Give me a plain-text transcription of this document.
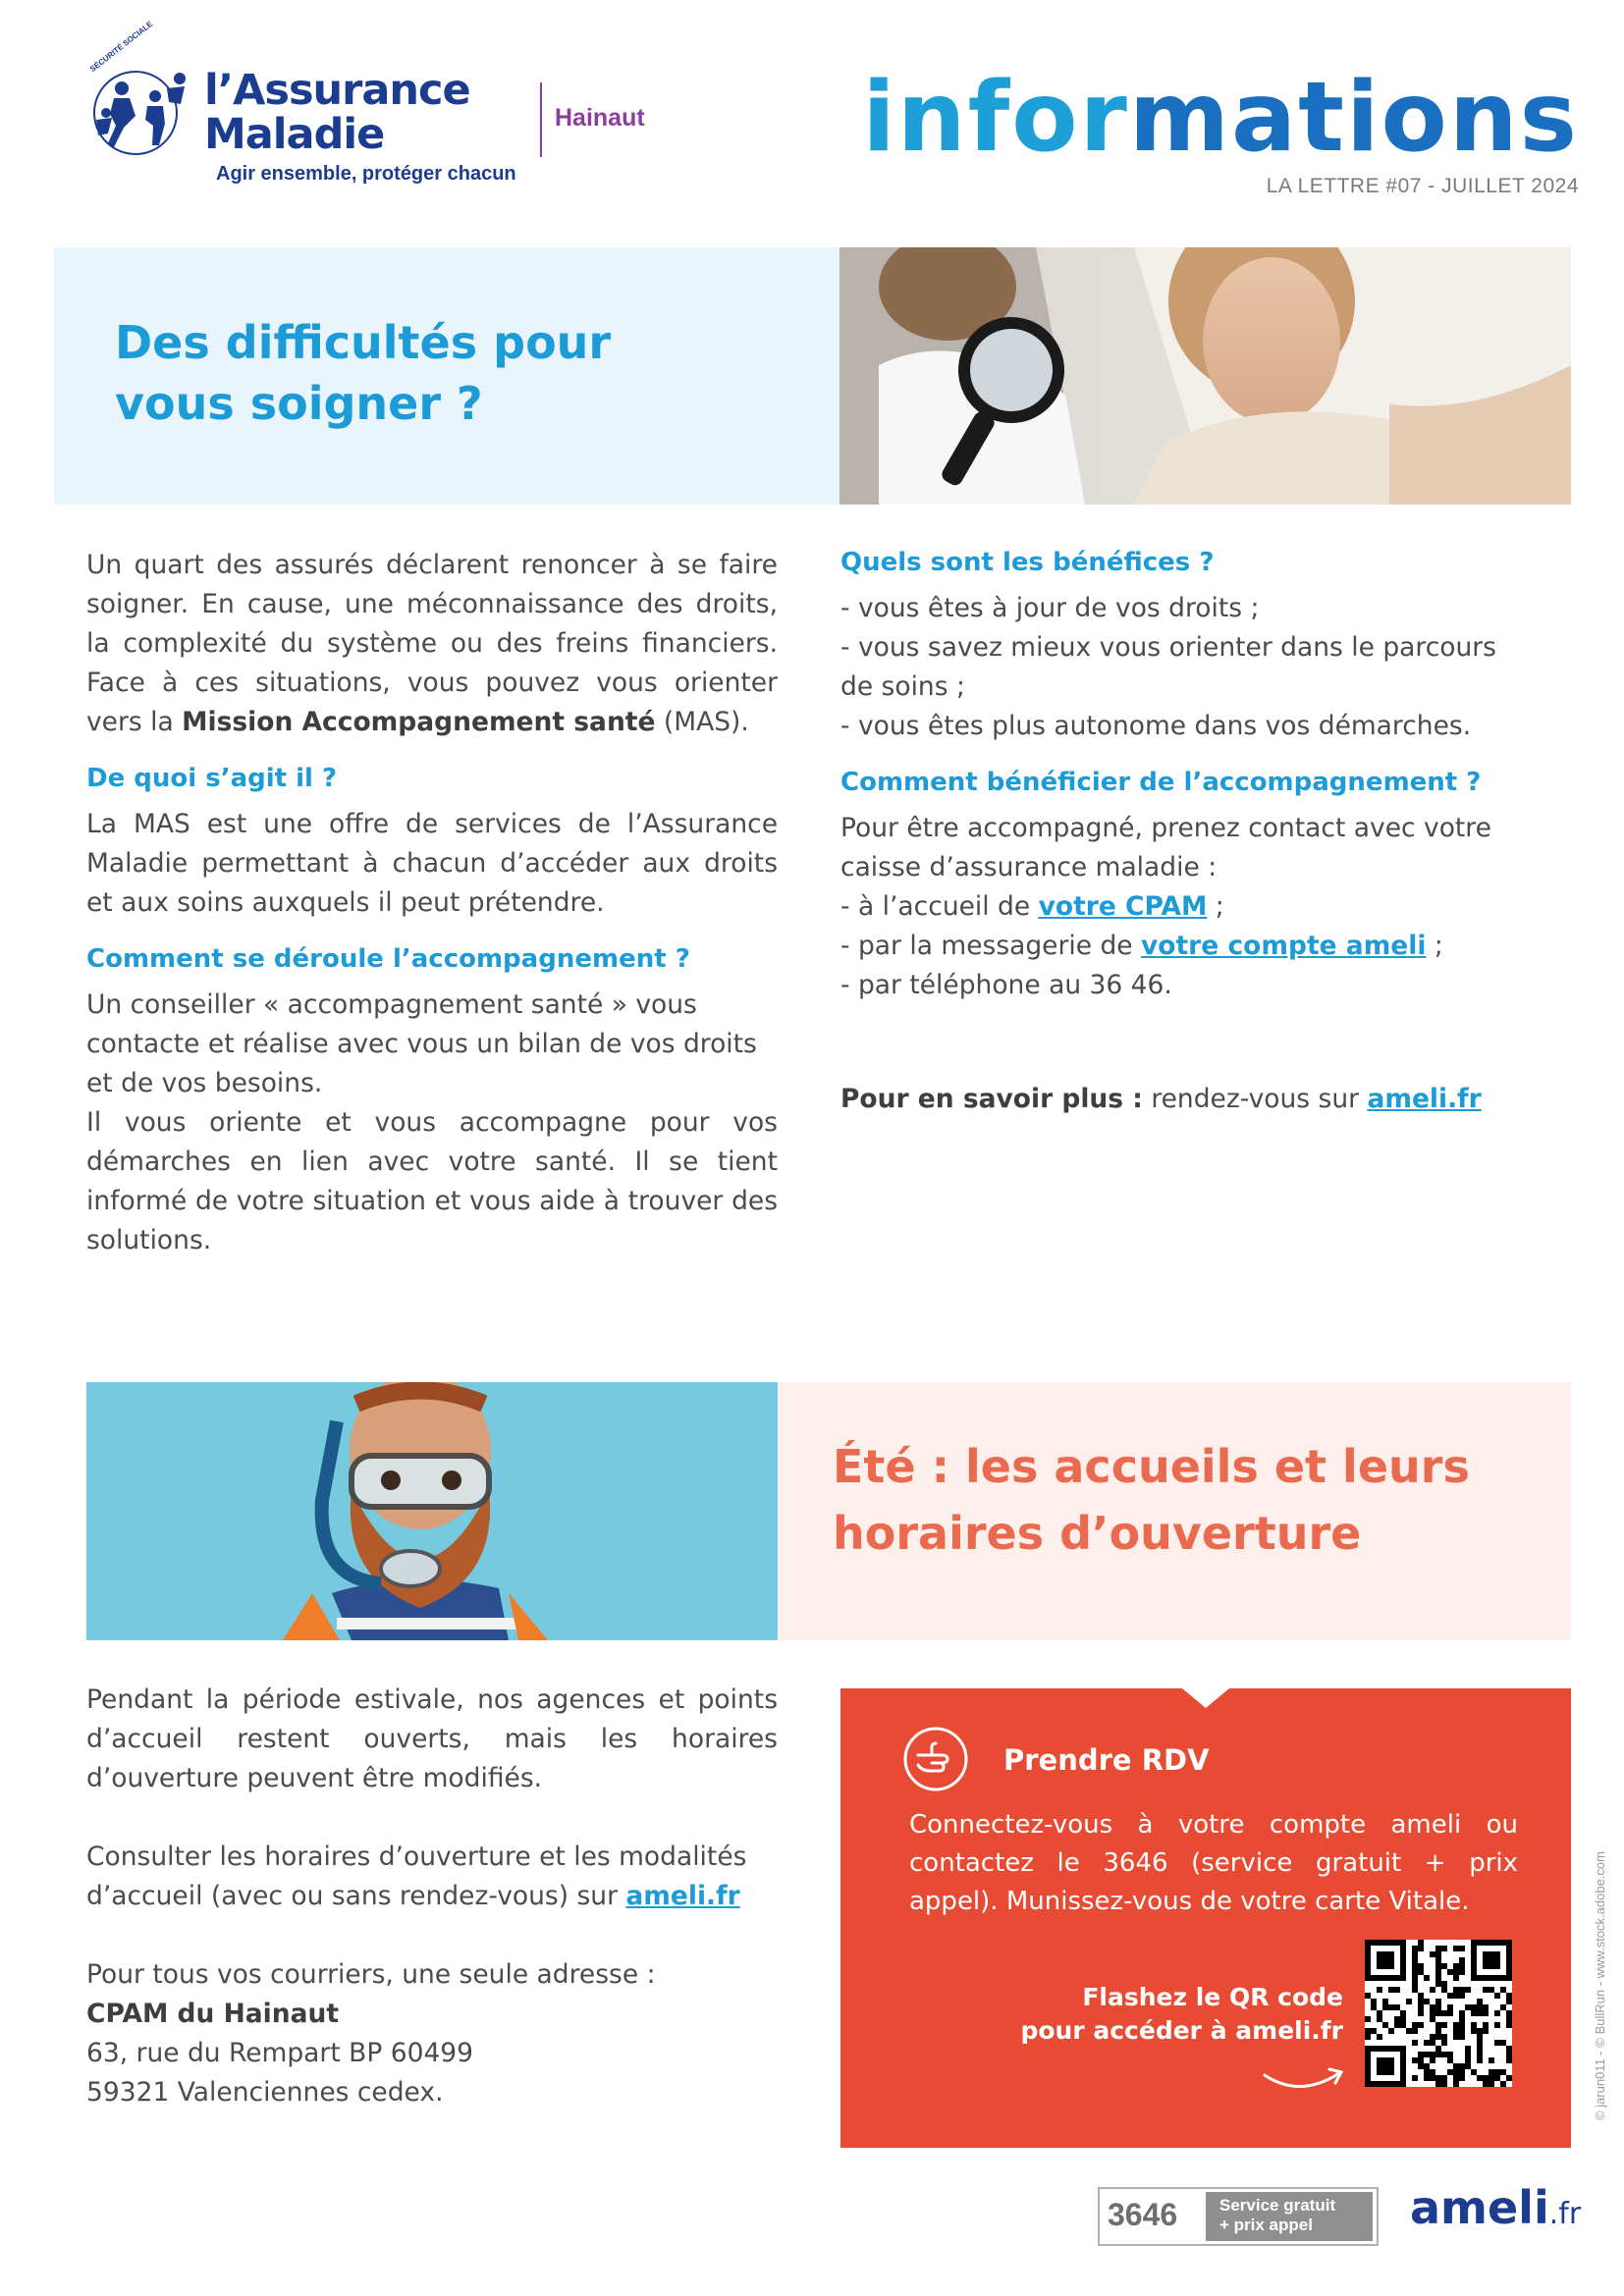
SÉCURITÉ SOCIALE
l’Assurance
Maladie
Agir ensemble, protéger chacun
Hainaut informations
LA LETTRE #07 - JUILLET 2024
Des difficultés pour
vous soigner ?

Un quart des assurés déclarent renoncer à se faire soigner. En cause, une méconnaissance des droits, la complexité du système ou des freins financiers. Face à ces situations, vous pouvez vous orienter vers la Mission Accompagnement santé (MAS).

De quoi s’agit il ?

La MAS est une offre de services de l’Assurance Maladie permettant à chacun d’accéder aux droits et aux soins auxquels il peut prétendre.

Comment se déroule l’accompagnement ?

Un conseiller « accompagnement santé » vous contacte et réalise avec vous un bilan de vos droits et de vos besoins.

Il vous oriente et vous accompagne pour vos démarches en lien avec votre santé. Il se tient informé de votre situation et vous aide à trouver des solutions.

Quels sont les bénéfices ?

- vous êtes à jour de vos droits ;

- vous savez mieux vous orienter dans le parcours de soins ;

- vous êtes plus autonome dans vos démarches.

Comment bénéficier de l’accompagnement ?

Pour être accompagné, prenez contact avec votre caisse d’assurance maladie :

- à l’accueil de votre CPAM ;

- par la messagerie de votre compte ameli ;

- par téléphone au 36 46.

Pour en savoir plus : rendez-vous sur ameli.fr

Été : les accueils et leurs
horaires d’ouverture

Pendant la période estivale, nos agences et points d’accueil restent ouverts, mais les horaires d’ouverture peuvent être modifiés.

Consulter les horaires d’ouverture et les modalités d’accueil (avec ou sans rendez-vous) sur ameli.fr

Pour tous vos courriers, une seule adresse :

CPAM du Hainaut

63, rue du Rempart BP 60499

59321 Valenciennes cedex.

Prendre RDV
Connectez-vous à votre compte ameli ou contactez le 3646 (service gratuit + prix appel). Munissez-vous de votre carte Vitale.
Flashez le QR code
pour accéder à ameli.fr	© jarun011 - © BullRun - www.stock.adobe.com
3646	Service gratuit
+ prix appel	ameli.fr
